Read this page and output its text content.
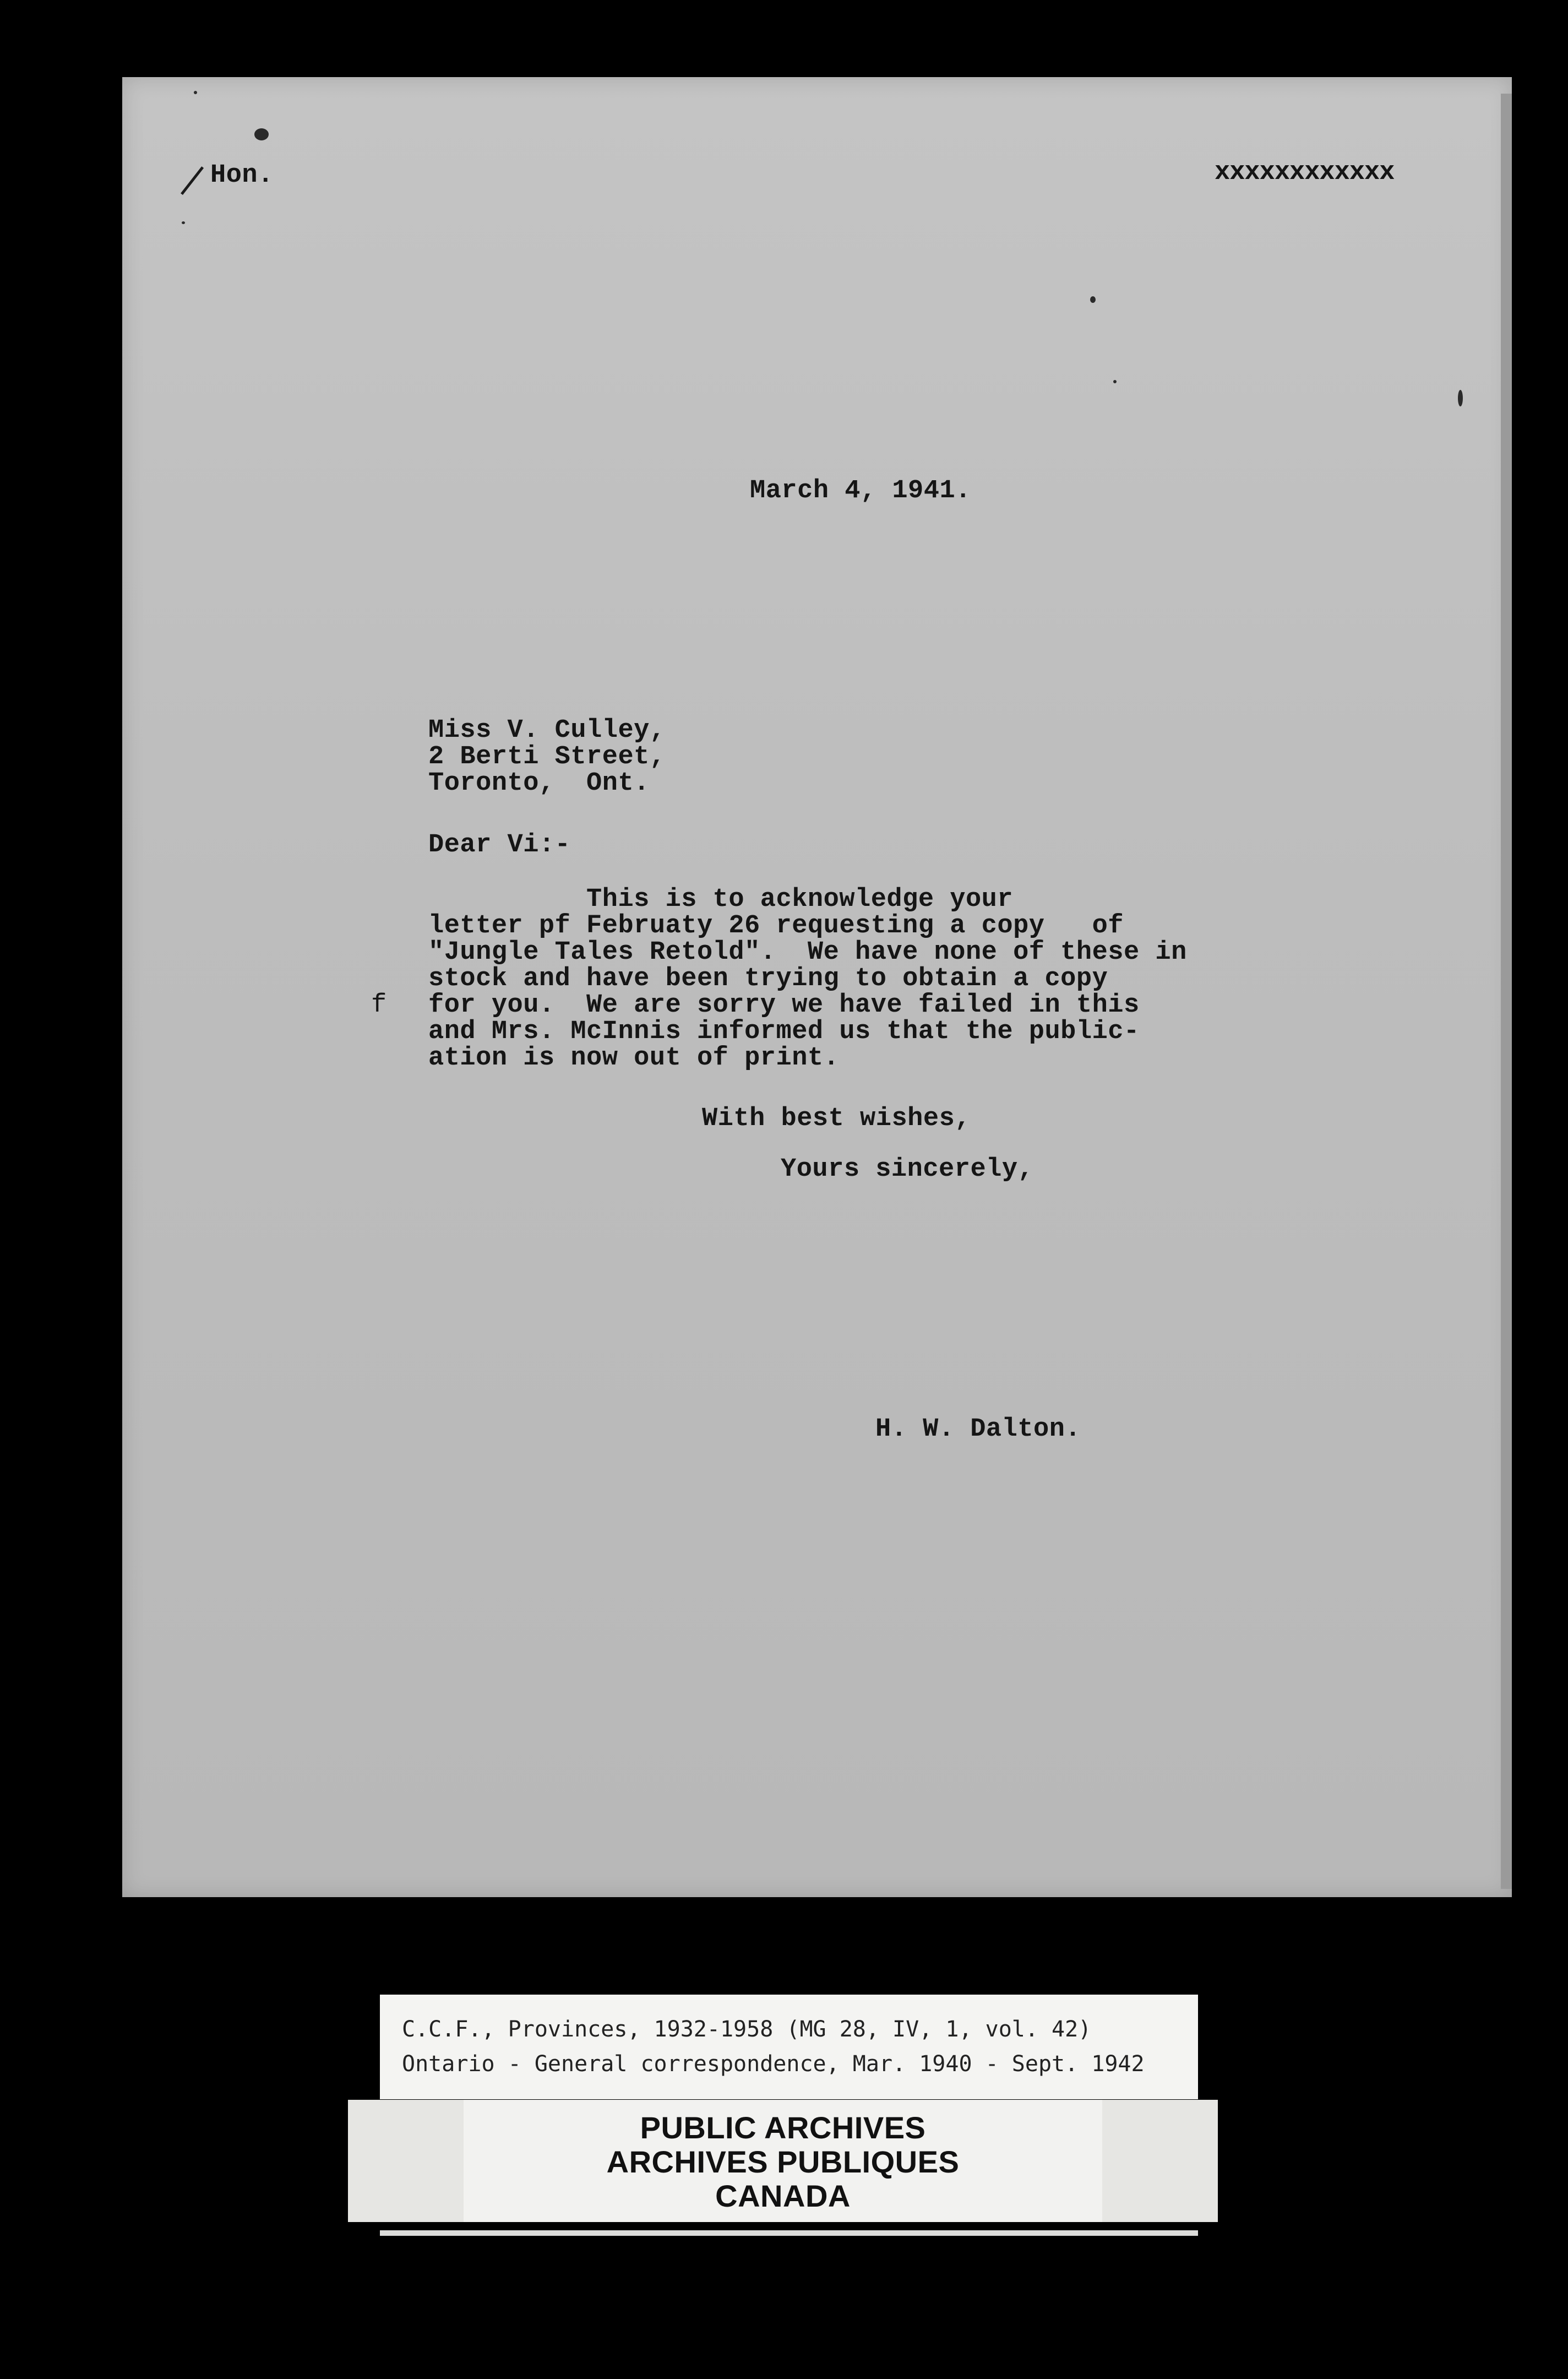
Hon.	xxxxxxxxxxxx
March 4, 1941.
Miss V. Culley,
2 Berti Street,
Toronto,  Ont.
Dear Vi:-
This is to acknowledge your
letter pf Februaty 26 requesting a copy   of
"Jungle Tales Retold".  We have none of these in
stock and have been trying to obtain a copy
for you.  We are sorry we have failed in this
and Mrs. McInnis informed us that the public-
ation is now out of print.
f
With best wishes,
Yours sincerely,
H. W. Dalton.
C.C.F., Provinces, 1932-1958 (MG 28, IV, 1, vol. 42)
Ontario - General correspondence, Mar. 1940 - Sept. 1942
PUBLIC ARCHIVES
ARCHIVES PUBLIQUES
CANADA
